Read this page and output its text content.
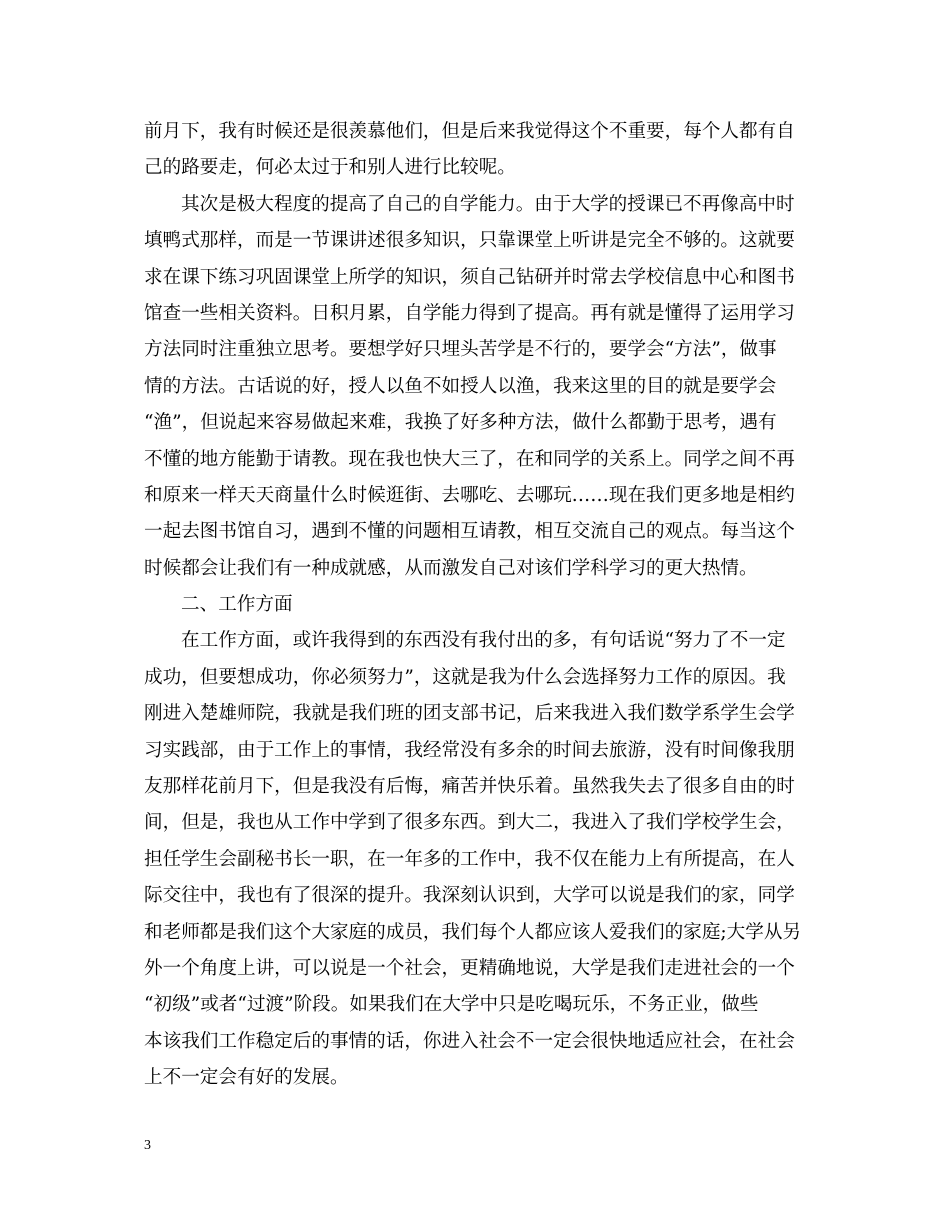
前月下，我有时候还是很羡慕他们，但是后来我觉得这个不重要，每个人都有自
己的路要走，何必太过于和别人进行比较呢。
其次是极大程度的提高了自己的自学能力。由于大学的授课已不再像高中时
填鸭式那样，而是一节课讲述很多知识，只靠课堂上听讲是完全不够的。这就要
求在课下练习巩固课堂上所学的知识，须自己钻研并时常去学校信息中心和图书
馆查一些相关资料。日积月累，自学能力得到了提高。再有就是懂得了运用学习
方法同时注重独立思考。要想学好只埋头苦学是不行的，要学会“方法”，做事
情的方法。古话说的好，授人以鱼不如授人以渔，我来这里的目的就是要学会
“渔”，但说起来容易做起来难，我换了好多种方法，做什么都勤于思考，遇有
不懂的地方能勤于请教。现在我也快大三了，在和同学的关系上。同学之间不再
和原来一样天天商量什么时候逛街、去哪吃、去哪玩……现在我们更多地是相约
一起去图书馆自习，遇到不懂的问题相互请教，相互交流自己的观点。每当这个
时候都会让我们有一种成就感，从而激发自己对该们学科学习的更大热情。
二、工作方面
在工作方面，或许我得到的东西没有我付出的多，有句话说“努力了不一定
成功，但要想成功，你必须努力”，这就是我为什么会选择努力工作的原因。我
刚进入楚雄师院，我就是我们班的团支部书记，后来我进入我们数学系学生会学
习实践部，由于工作上的事情，我经常没有多余的时间去旅游，没有时间像我朋
友那样花前月下，但是我没有后悔，痛苦并快乐着。虽然我失去了很多自由的时
间，但是，我也从工作中学到了很多东西。到大二，我进入了我们学校学生会，
担任学生会副秘书长一职，在一年多的工作中，我不仅在能力上有所提高，在人
际交往中，我也有了很深的提升。我深刻认识到，大学可以说是我们的家，同学
和老师都是我们这个大家庭的成员，我们每个人都应该人爱我们的家庭;大学从另
外一个角度上讲，可以说是一个社会，更精确地说，大学是我们走进社会的一个
“初级”或者“过渡”阶段。如果我们在大学中只是吃喝玩乐，不务正业，做些
本该我们工作稳定后的事情的话，你进入社会不一定会很快地适应社会，在社会
上不一定会有好的发展。
3
